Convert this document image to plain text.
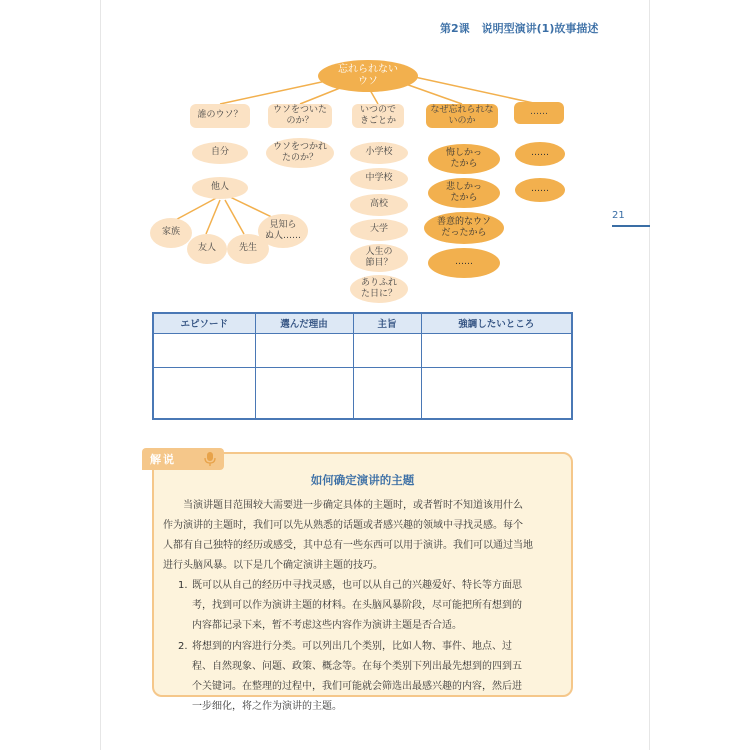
第2课 说明型演讲(1)故事描述
21
忘れられない
ウソ
誰のウソ？
ウソをついた
のか？
いつので
きごとか
なぜ忘れられな
いのか
……
自分
他人
家族
友人	先生
見知ら
ぬ人……
ウソをつかれ
たのか？
小学校
中学校
高校
大学
人生の
節目？
ありふれ
た日に？
悔しかっ
たから
悲しかっ
たから
善意的なウソ
だったから
……
……
……
エピソード	選んだ理由	主旨	強調したいところ

解说
如何确定演讲的主题
当演讲题目范围较大需要进一步确定具体的主题时，或者暂时不知道该用什么
作为演讲的主题时，我们可以先从熟悉的话题或者感兴趣的领域中寻找灵感。每个
人都有自己独特的经历或感受，其中总有一些东西可以用于演讲。我们可以通过当地
进行头脑风暴。以下是几个确定演讲主题的技巧。
1. 既可以从自己的经历中寻找灵感，也可以从自己的兴趣爱好、特长等方面思
考，找到可以作为演讲主题的材料。在头脑风暴阶段，尽可能把所有想到的
内容都记录下来，暂不考虑这些内容作为演讲主题是否合适。
2. 将想到的内容进行分类。可以列出几个类别，比如人物、事件、地点、过
程、自然现象、问题、政策、概念等。在每个类别下列出最先想到的四到五
个关键词。在整理的过程中，我们可能就会筛选出最感兴趣的内容，然后进
一步细化，将之作为演讲的主题。
